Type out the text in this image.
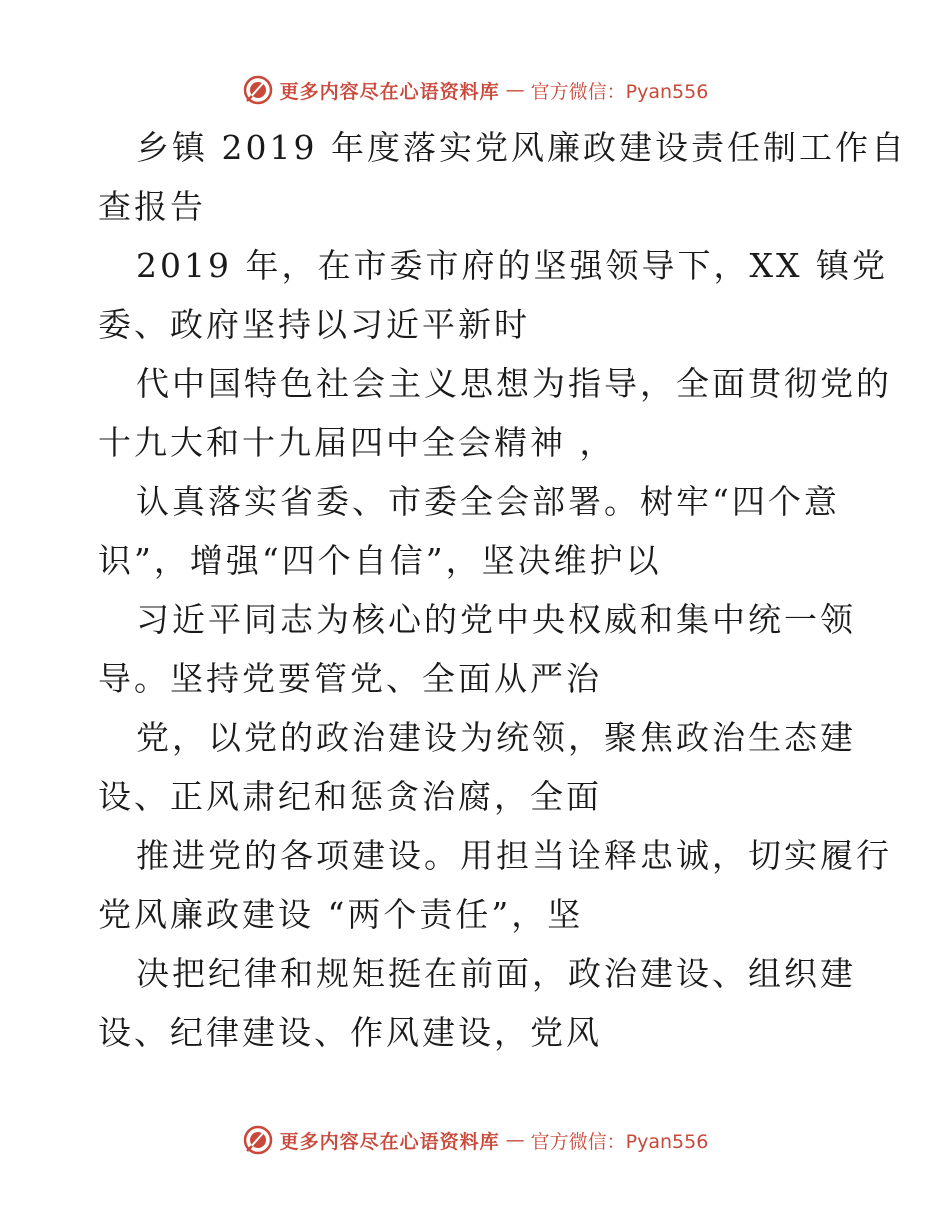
更多内容尽在心语资料库 — 官方微信：Pyan556
乡镇 2019 年度落实党风廉政建设责任制工作自
查报告
2019 年，在市委市府的坚强领导下，XX 镇党
委、政府坚持以习近平新时
代中国特色社会主义思想为指导，全面贯彻党的
十九大和十九届四中全会精神 ，
认真落实省委、市委全会部署。树牢“四个意
识”，增强“四个自信”，坚决维护以
习近平同志为核心的党中央权威和集中统一领
导。坚持党要管党、全面从严治
党，以党的政治建设为统领，聚焦政治生态建
设、正风肃纪和惩贪治腐，全面
推进党的各项建设。用担当诠释忠诚，切实履行
党风廉政建设 “两个责任”，坚
决把纪律和规矩挺在前面，政治建设、组织建
设、纪律建设、作风建设，党风
更多内容尽在心语资料库 — 官方微信：Pyan556
